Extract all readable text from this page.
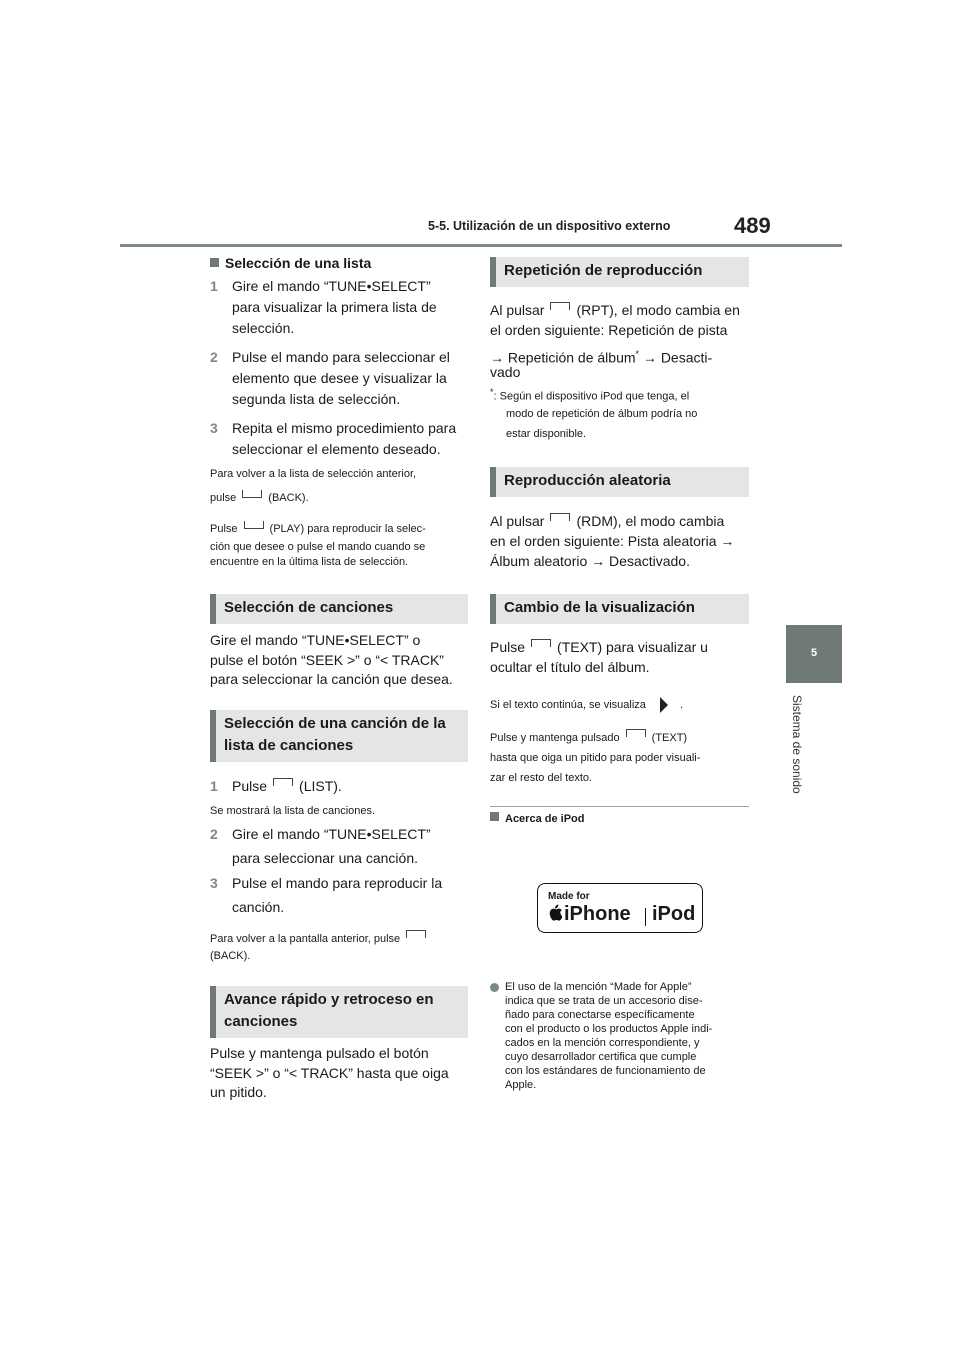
5-5. Utilización de un dispositivo externo	489
5
Sistema de sonido

Selección de una lista

1 Gire el mando “TUNE•SELECT”
para visualizar la primera lista de
selección.
2 Pulse el mando para seleccionar el
elemento que desee y visualizar la
segunda lista de selección.
3 Repita el mismo procedimiento para
seleccionar el elemento deseado.

Para volver a la lista de selección anterior,

pulse	(BACK).

Pulse	(PLAY) para reproducir la selec-

ción que desee o pulse el mando cuando se

encuentre en la última lista de selección.

Selección de canciones

Gire el mando “TUNE•SELECT” o

pulse el botón “SEEK >” o “< TRACK”

para seleccionar la canción que desea.

Selección de una canción de la
lista de canciones
1 Pulse (LIST).

Se mostrará la lista de canciones.

2 Gire el mando “TUNE•SELECT”
para seleccionar una canción.
3 Pulse el mando para reproducir la
canción.

Para volver a la pantalla anterior, pulse

(BACK).

Avance rápido y retroceso en
canciones

Pulse y mantenga pulsado el botón

“SEEK >” o “< TRACK” hasta que oiga

un pitido.

Repetición de reproducción

Al pulsar (RPT), el modo cambia en

el orden siguiente: Repetición de pista

→ Repetición de álbum* → Desacti-

vado

*: Según el dispositivo iPod que tenga, el

modo de repetición de álbum podría no

estar disponible.

Reproducción aleatoria

Al pulsar (RDM), el modo cambia

en el orden siguiente: Pista aleatoria →

Álbum aleatorio → Desactivado.

Cambio de la visualización

Pulse (TEXT) para visualizar u

ocultar el título del álbum.

Si el texto continúa, se visualiza	.

Pulse y mantenga pulsado	(TEXT)

hasta que oiga un pitido para poder visuali-

zar el resto del texto.

Acerca de iPod

Made for
iPhone iPod
El uso de la mención “Made for Apple”
indica que se trata de un accesorio dise-
ñado para conectarse específicamente
con el producto o los productos Apple indi-
cados en la mención correspondiente, y
cuyo desarrollador certifica que cumple
con los estándares de funcionamiento de
Apple.
